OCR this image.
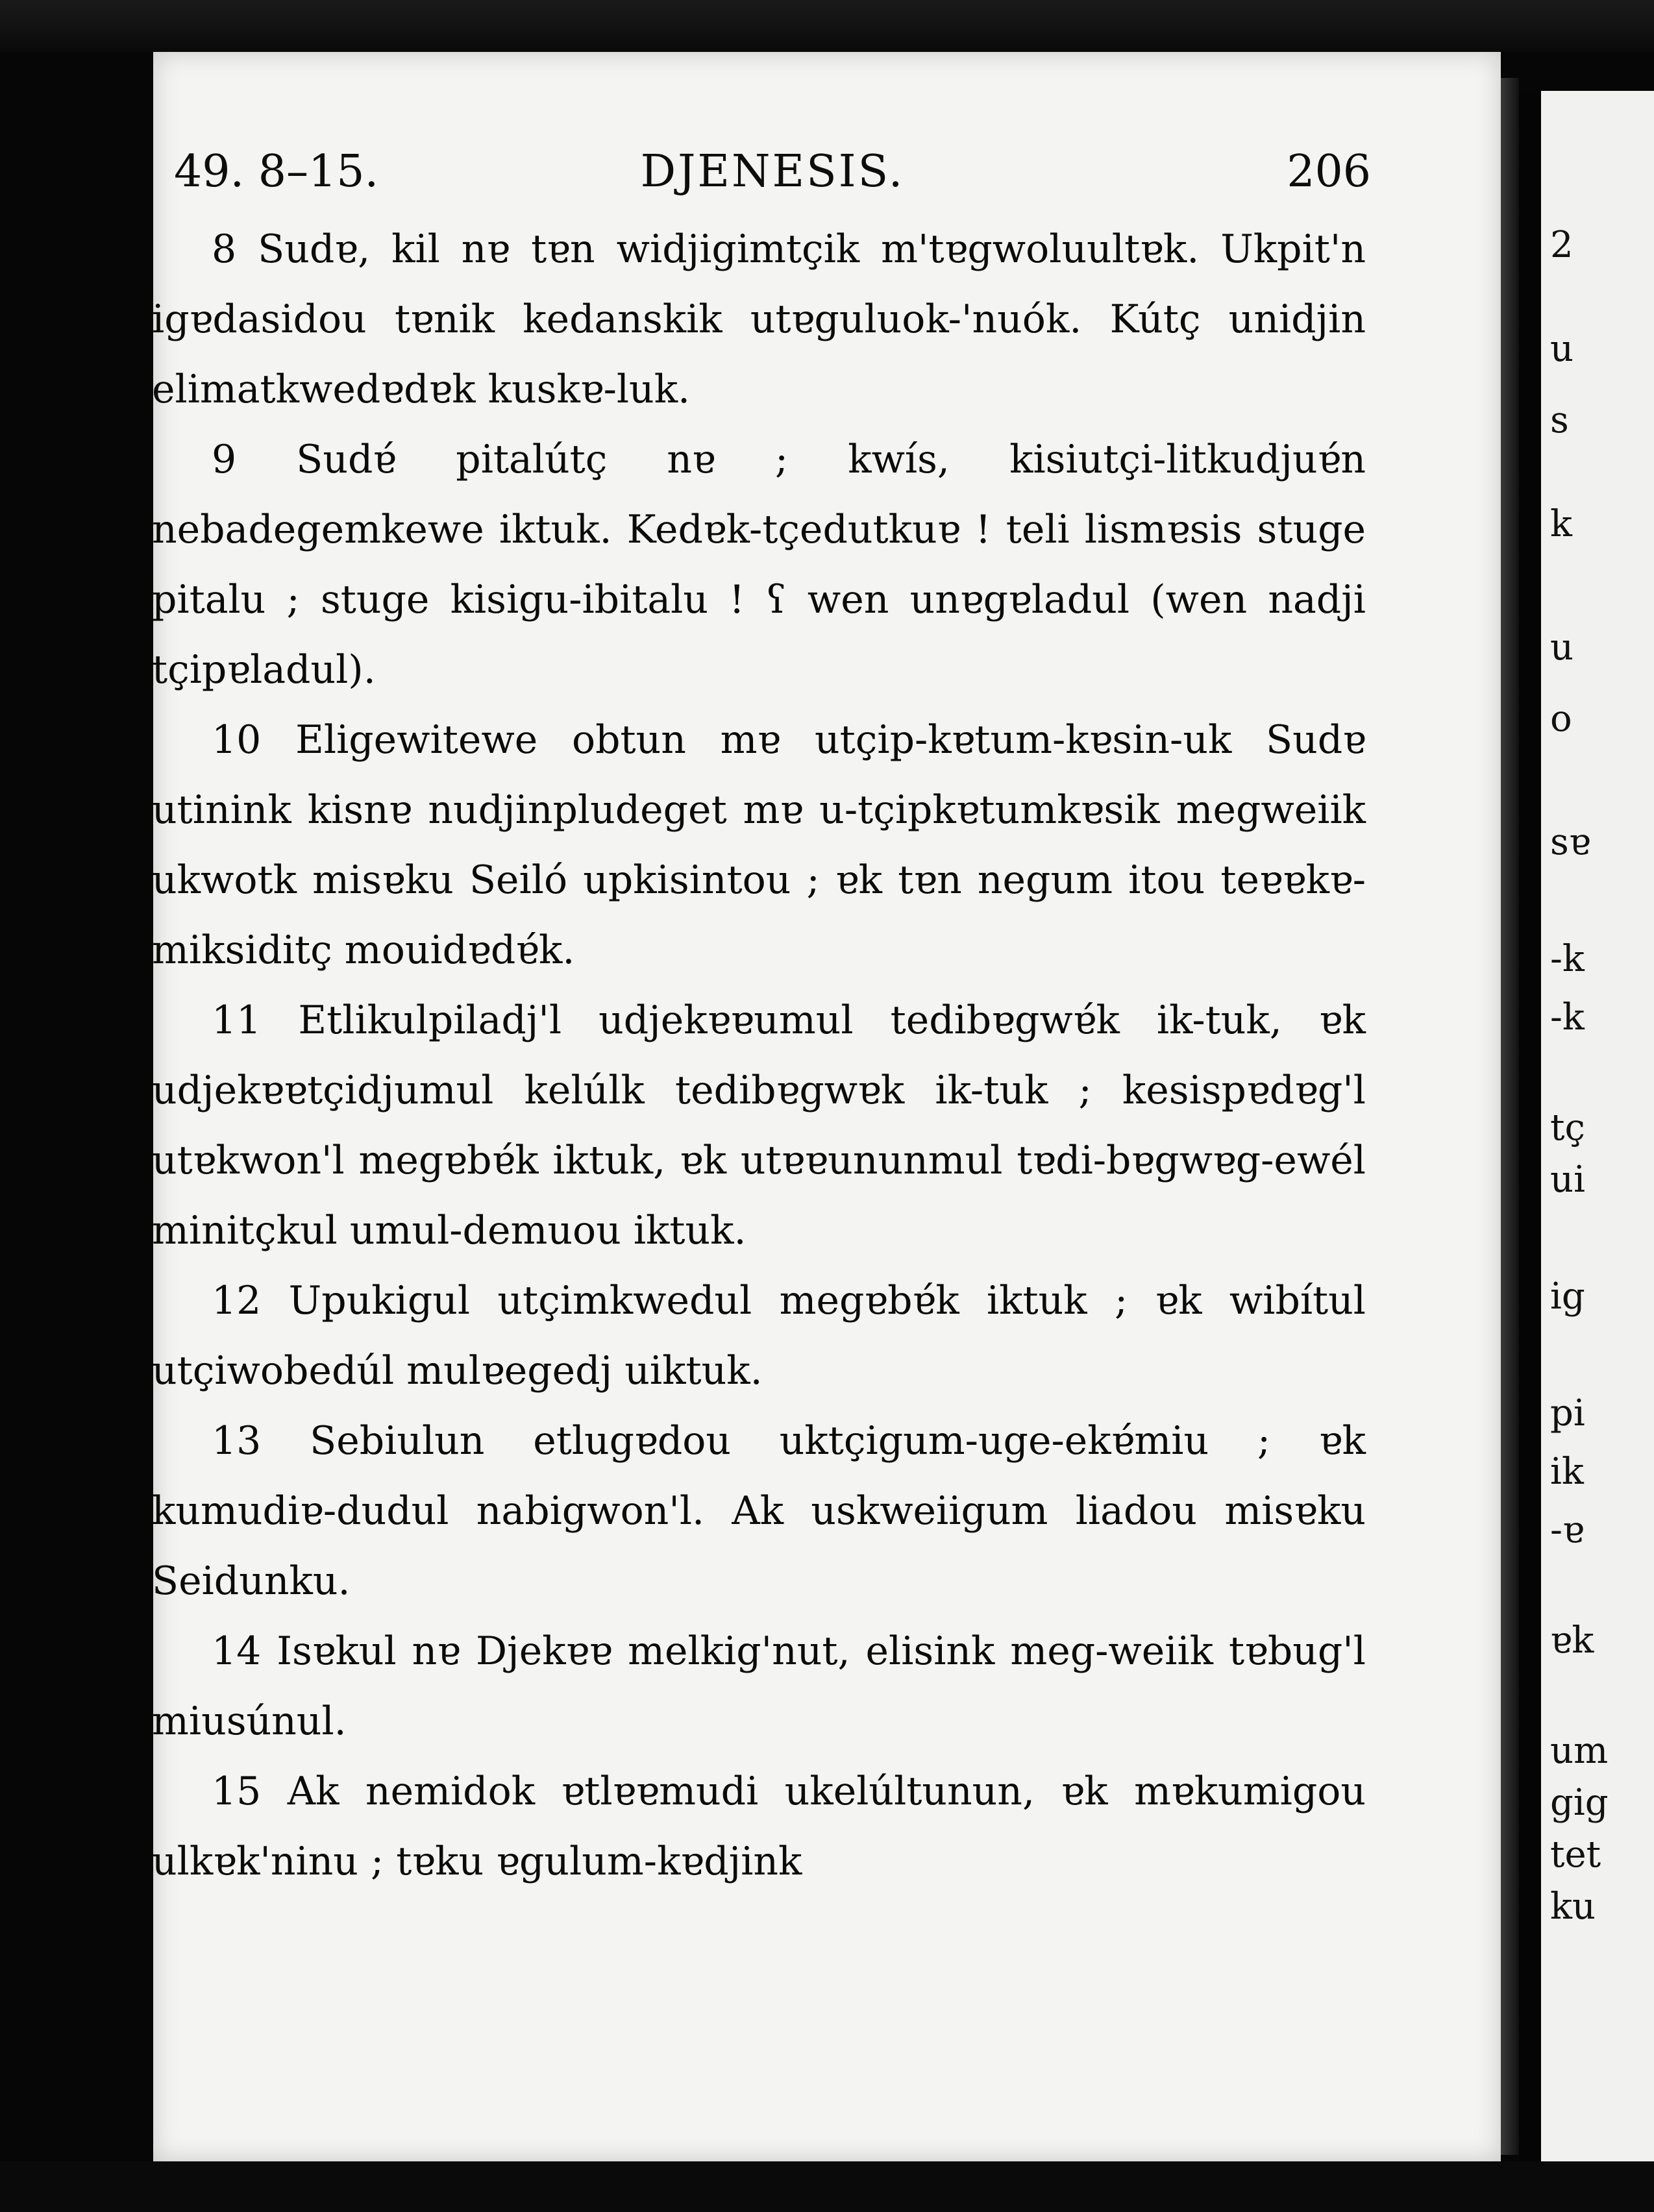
2
u
s
k
u
o
sɐ
-k
-k
tç
ui
ig
pi
ik
-ɐ
ɐk
um
gig
tet
ku
DJENESIS.
49. 8–15.	206

8 Sudɐ, kil nɐ tɐn widjigimtçik m'tɐgwoluultɐk. Ukpit'n igɐdasidou tɐnik kedanskik utɐguluok-'nuók. Kútç unidjin elimatkwedɐdɐk kuskɐ-luk.

9 Sudɐ́ pitalútç nɐ ; kwís, kisiutçi-litkudjuɐ́n nebadegemkewe iktuk. Kedɐk-tçedutkuɐ ! teli lismɐsis stuge pitalu ; stuge kisigu-ibitalu ! ʕ wen unɐgɐladul (wen nadji tçipɐladul).

10 Eligewitewe obtun mɐ utçip-kɐtum-kɐsin-uk Sudɐ utinink kisnɐ nudjinpludeget mɐ u-tçipkɐtumkɐsik megweiik ukwotk misɐku Seiló upkisintou ; ɐk tɐn negum itou teɐɐkɐ-miksiditç mouidɐdɐ́k.

11 Etlikulpiladj'l udjekɐɐumul tedibɐgwɐ́k ik-tuk, ɐk udjekɐɐtçidjumul kelúlk tedibɐgwɐk ik-tuk ; kesispɐdɐg'l utɐkwon'l megɐbɐ́k iktuk, ɐk utɐɐununmul tɐdi-bɐgwɐg-ewél minitçkul umul-demuou iktuk.

12 Upukigul utçimkwedul megɐbɐ́k iktuk ; ɐk wibítul utçiwobedúl mulɐegedj uiktuk.

13 Sebiulun etlugɐdou uktçigum-uge-ekɐ́miu ; ɐk kumudiɐ-dudul nabigwon'l. Ak uskweiigum liadou misɐku Seidunku.

14 Isɐkul nɐ Djekɐɐ melkig'nut, elisink meg-weiik tɐbug'l miusúnul.

15 Ak nemidok ɐtlɐɐmudi ukelúltunun, ɐk mɐkumigou ulkɐk'ninu ; tɐku ɐgulum-kɐdjink
